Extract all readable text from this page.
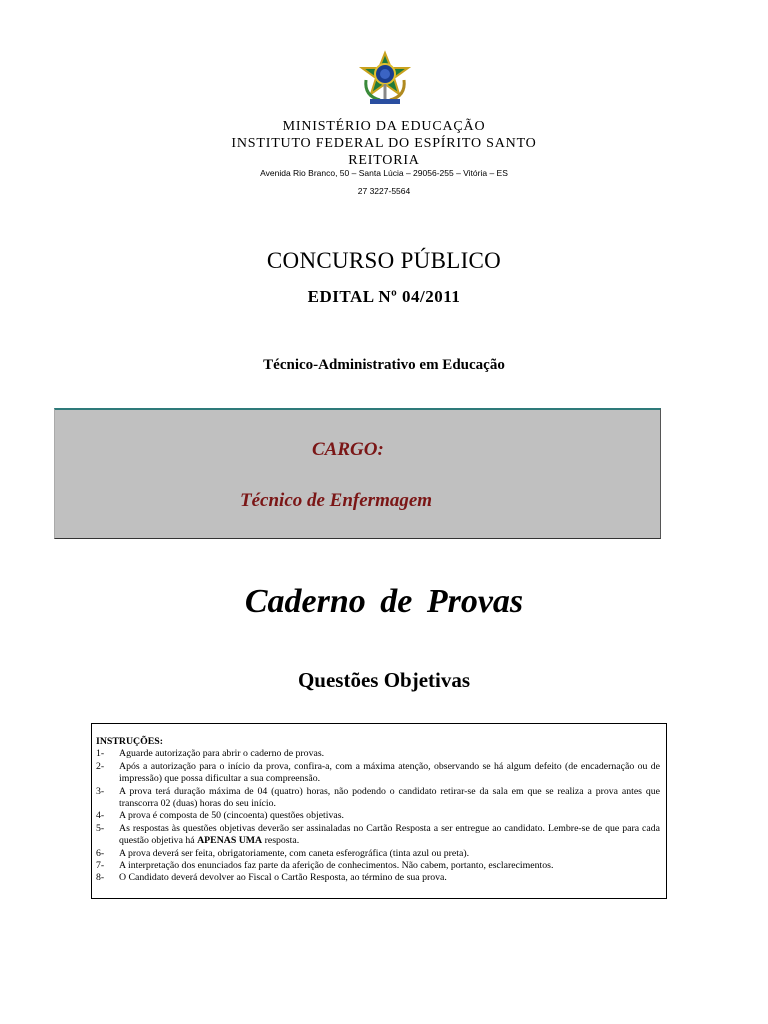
MINISTÉRIO DA EDUCAÇÃO
INSTITUTO FEDERAL DO ESPÍRITO SANTO
REITORIA
Avenida Rio Branco, 50 – Santa Lúcia – 29056-255 – Vitória – ES
27 3227-5564
CONCURSO PÚBLICO
EDITAL Nº 04/2011
Técnico-Administrativo em Educação
CARGO:
Técnico de Enfermagem
Caderno de Provas
Questões Objetivas
INSTRUÇÕES:
1-	Aguarde autorização para abrir o caderno de provas.
2-	Após a autorização para o início da prova, confira-a, com a máxima atenção, observando se há algum defeito (de encadernação ou de impressão) que possa dificultar a sua compreensão.
3-	A prova terá duração máxima de 04 (quatro) horas, não podendo o candidato retirar-se da sala em que se realiza a prova antes que transcorra 02 (duas) horas do seu início.
4-	A prova é composta de 50 (cincoenta) questões objetivas.
5-	As respostas às questões objetivas deverão ser assinaladas no Cartão Resposta a ser entregue ao candidato. Lembre-se de que para cada questão objetiva há APENAS UMA resposta.
6-	A prova deverá ser feita, obrigatoriamente, com caneta esferográfica (tinta azul ou preta).
7-	A interpretação dos enunciados faz parte da aferição de conhecimentos. Não cabem, portanto, esclarecimentos.
8-	O Candidato deverá devolver ao Fiscal o Cartão Resposta, ao término de sua prova.
